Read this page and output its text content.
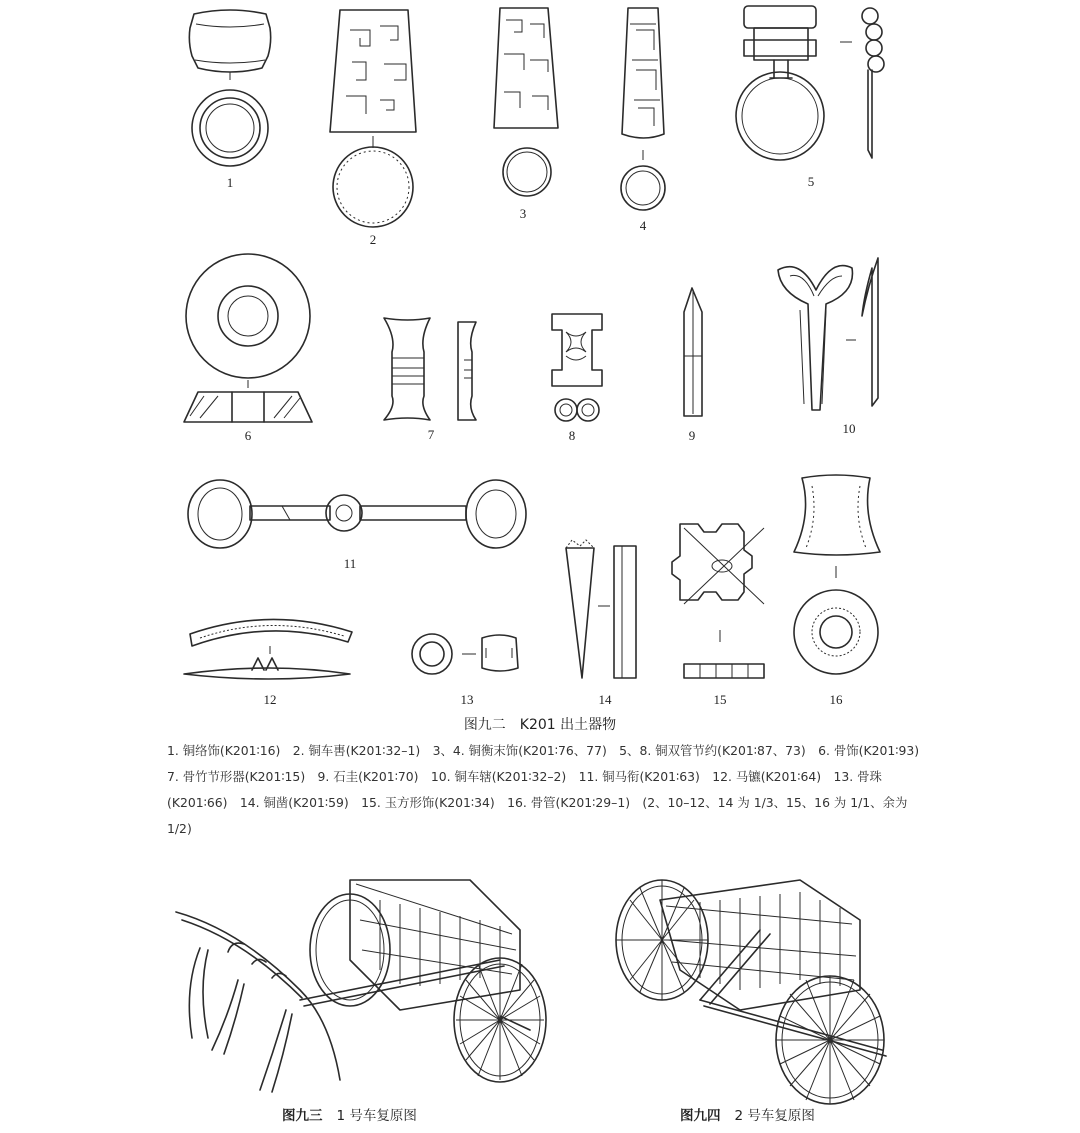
1
2
3
4
5
6	7	8	9	10
11
12	13	14	15	16
图九二　K201 出土器物
1. 铜络饰(K201∶16)　2. 铜车軎(K201∶32–1)　3、4. 铜衡末饰(K201∶76、77)　5、8. 铜双管节约(K201∶87、73)　6. 骨饰(K201∶93)　7. 骨竹节形器(K201∶15)　9. 石圭(K201∶70)　10. 铜车辖(K201∶32–2)　11. 铜马衔(K201∶63)　12. 马镳(K201∶64)　13. 骨珠(K201∶66)　14. 铜凿(K201∶59)　15. 玉方形饰(K201∶34)　16. 骨管(K201∶29–1)　(2、10–12、14 为 1/3、15、16 为 1/1、余为 1/2)
图九三 1 号车复原图	图九四 2 号车复原图
